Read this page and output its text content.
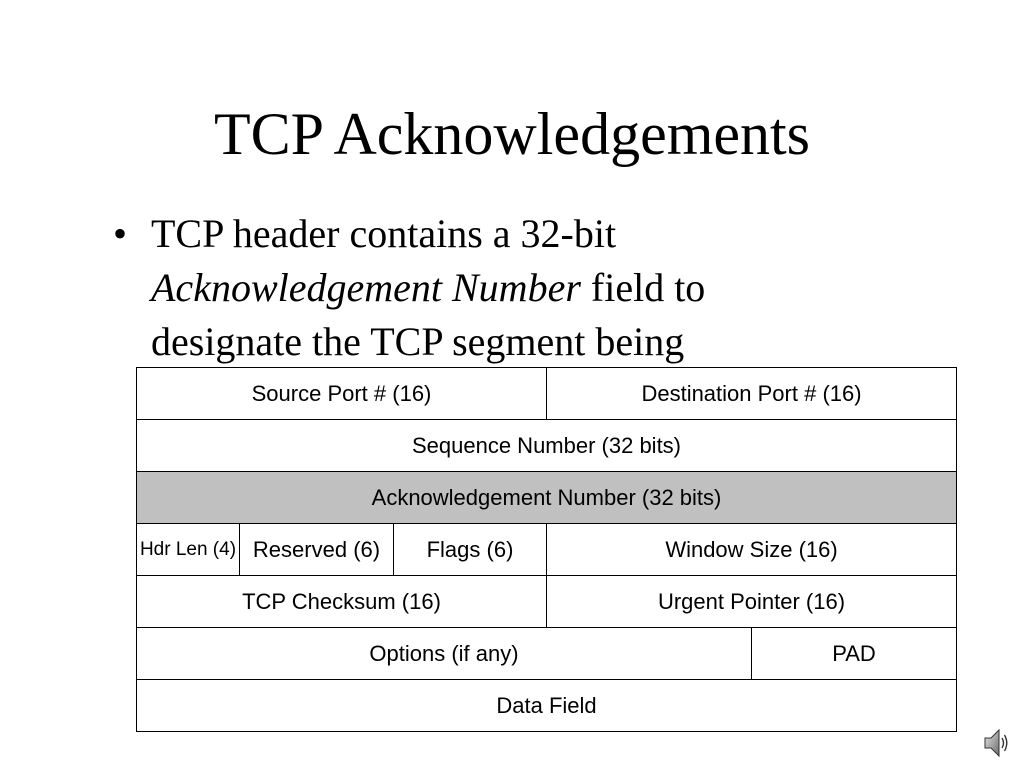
TCP Acknowledgements
• TCP header contains a 32-bit
Acknowledgement Number field to
designate the TCP segment being
Source Port # (16)			Destination Port # (16)	
Sequence Number (32 bits)				
Acknowledgement Number (32 bits)				
Hdr Len (4)	Reserved (6)	Flags (6)	Window Size (16)	
TCP Checksum (16)			Urgent Pointer (16)	
Options (if any)				PAD
Data Field				
